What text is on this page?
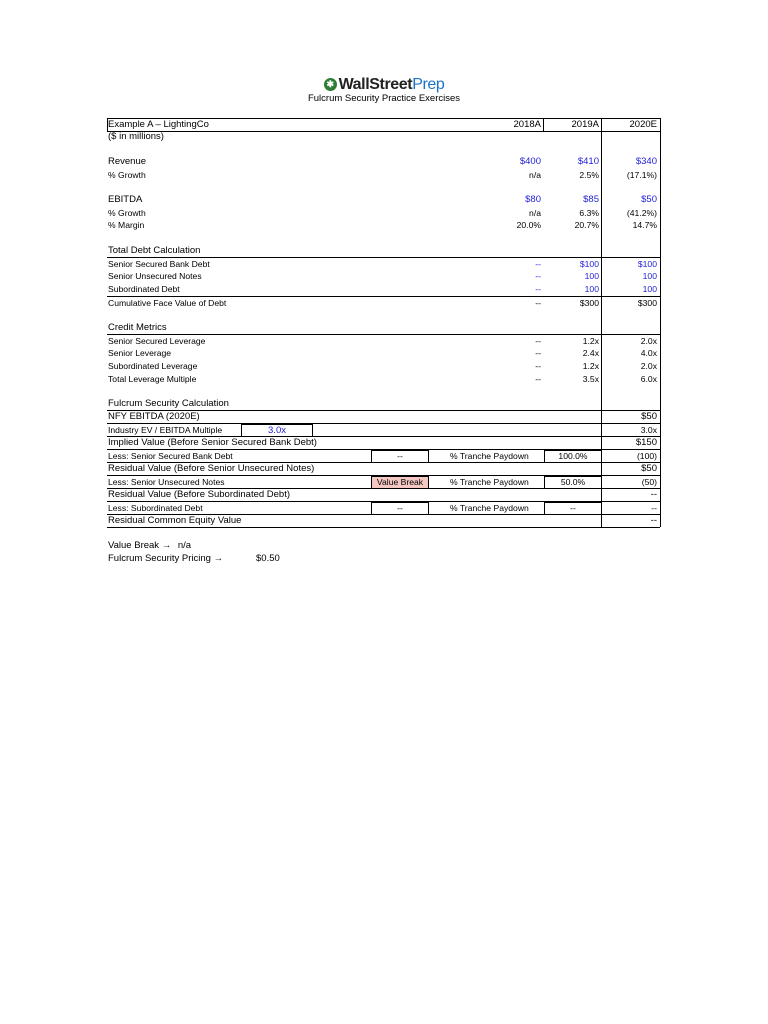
✱ WallStreetPrep
Fulcrum Security Practice Exercises
Example A – LightingCo	2018A	2019A	2020E
($ in millions)
Revenue	$400	$410	$340
% Growth	n/a	2.5%	(17.1%)
EBITDA	$80	$85	$50
% Growth	n/a	6.3%	(41.2%)
% Margin	20.0%	20.7%	14.7%
Total Debt Calculation
Senior Secured Bank Debt	--	$100	$100
Senior Unsecured Notes	--	100	100
Subordinated Debt	--	100	100
Cumulative Face Value of Debt	--	$300	$300
Credit Metrics
Senior Secured Leverage	--	1.2x	2.0x
Senior Leverage	--	2.4x	4.0x
Subordinated Leverage	--	1.2x	2.0x
Total Leverage Multiple	--	3.5x	6.0x
Fulcrum Security Calculation
NFY EBITDA (2020E)	$50
Industry EV / EBITDA Multiple	3.0x	3.0x
Implied Value (Before Senior Secured Bank Debt)	$150
Less: Senior Secured Bank Debt	--	% Tranche Paydown	100.0%	(100)
Residual Value (Before Senior Unsecured Notes)	$50
Less: Senior Unsecured Notes	Value Break	% Tranche Paydown	50.0%	(50)
Residual Value (Before Subordinated Debt)	--
Less: Subordinated Debt	--	% Tranche Paydown	--	--
Residual Common Equity Value	--
Value Break → n/a
Fulcrum Security Pricing →	$0.50
